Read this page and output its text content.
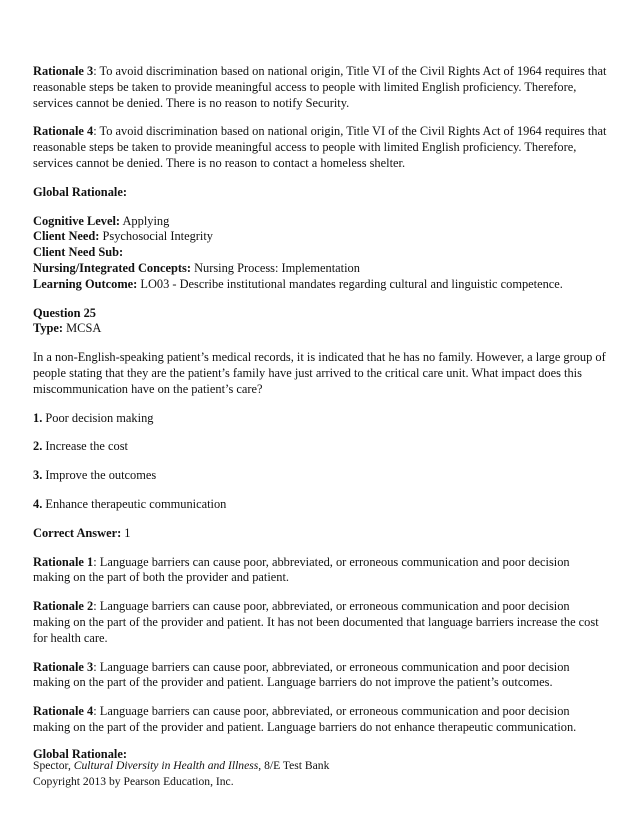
Rationale 3: To avoid discrimination based on national origin, Title VI of the Civil Rights Act of 1964 requires that reasonable steps be taken to provide meaningful access to people with limited English proficiency. Therefore, services cannot be denied. There is no reason to notify Security.
Rationale 4: To avoid discrimination based on national origin, Title VI of the Civil Rights Act of 1964 requires that reasonable steps be taken to provide meaningful access to people with limited English proficiency. Therefore, services cannot be denied. There is no reason to contact a homeless shelter.
Global Rationale:
Cognitive Level: Applying
Client Need: Psychosocial Integrity
Client Need Sub:
Nursing/Integrated Concepts: Nursing Process: Implementation
Learning Outcome: LO03 - Describe institutional mandates regarding cultural and linguistic competence.
Question 25
Type: MCSA
In a non-English-speaking patient’s medical records, it is indicated that he has no family. However, a large group of people stating that they are the patient’s family have just arrived to the critical care unit. What impact does this miscommunication have on the patient’s care?
1. Poor decision making
2. Increase the cost
3. Improve the outcomes
4. Enhance therapeutic communication
Correct Answer: 1
Rationale 1: Language barriers can cause poor, abbreviated, or erroneous communication and poor decision making on the part of both the provider and patient.
Rationale 2: Language barriers can cause poor, abbreviated, or erroneous communication and poor decision making on the part of the provider and patient. It has not been documented that language barriers increase the cost for health care.
Rationale 3: Language barriers can cause poor, abbreviated, or erroneous communication and poor decision making on the part of the provider and patient. Language barriers do not improve the patient’s outcomes.
Rationale 4: Language barriers can cause poor, abbreviated, or erroneous communication and poor decision making on the part of the provider and patient. Language barriers do not enhance therapeutic communication.
Global Rationale:
Spector, Cultural Diversity in Health and Illness, 8/E Test Bank
Copyright 2013 by Pearson Education, Inc.
